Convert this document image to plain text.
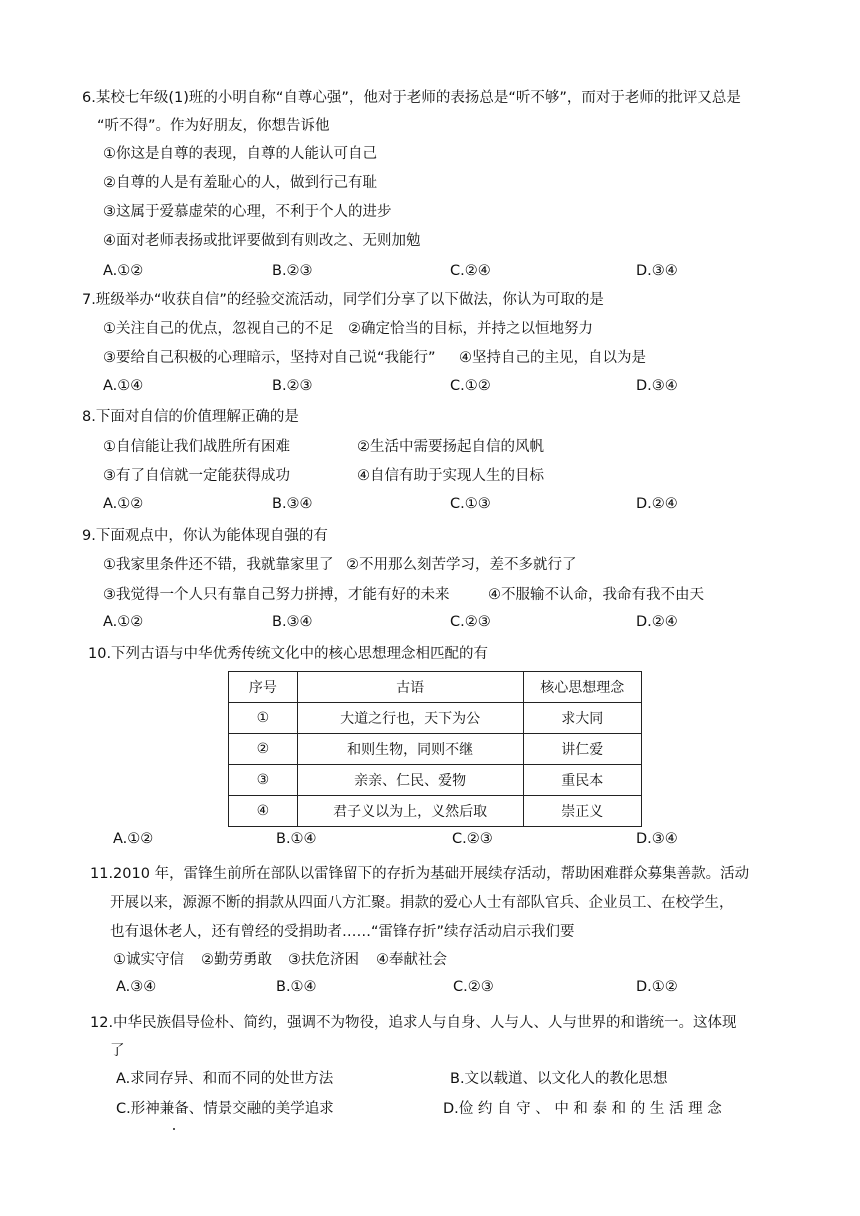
6.某校七年级(1)班的小明自称“自尊心强”，他对于老师的表扬总是“听不够”，而对于老师的批评又总是
“听不得”。作为好朋友，你想告诉他
①你这是自尊的表现，自尊的人能认可自己
②自尊的人是有羞耻心的人，做到行己有耻
③这属于爱慕虚荣的心理，不利于个人的进步
④面对老师表扬或批评要做到有则改之、无则加勉
A.①②	B.②③	C.②④	D.③④
7.班级举办“收获自信”的经验交流活动，同学们分享了以下做法，你认为可取的是
①关注自己的优点，忽视自己的不足 ②确定恰当的目标，并持之以恒地努力
③要给自己积极的心理暗示，坚持对自己说“我能行” ④坚持自己的主见，自以为是
A.①④	B.②③	C.①②	D.③④
8.下面对自信的价值理解正确的是
①自信能让我们战胜所有困难	②生活中需要扬起自信的风帆
③有了自信就一定能获得成功	④自信有助于实现人生的目标
A.①②	B.③④	C.①③	D.②④
9.下面观点中，你认为能体现自强的有
①我家里条件还不错，我就靠家里了 ②不用那么刻苦学习，差不多就行了
③我觉得一个人只有靠自己努力拼搏，才能有好的未来	④不服输不认命，我命有我不由天
A.①②	B.③④	C.②③	D.②④
10.下列古语与中华优秀传统文化中的核心思想理念相匹配的有
序号	古语	核心思想理念
①	大道之行也，天下为公	求大同
②	和则生物，同则不继	讲仁爱
③	亲亲、仁民、爱物	重民本
④	君子义以为上，义然后取	崇正义
A.①②	B.①④	C.②③	D.③④
11.2010 年，雷锋生前所在部队以雷锋留下的存折为基础开展续存活动，帮助困难群众募集善款。活动
开展以来，源源不断的捐款从四面八方汇聚。捐款的爱心人士有部队官兵、企业员工、在校学生，
也有退休老人，还有曾经的受捐助者……“雷锋存折”续存活动启示我们要
①诚实守信 ②勤劳勇敢 ③扶危济困 ④奉献社会
A.③④	B.①④	C.②③	D.①②
12.中华民族倡导俭朴、简约，强调不为物役，追求人与自身、人与人、人与世界的和谐统一。这体现
了
A.求同存异、和而不同的处世方法	B.文以载道、以文化人的教化思想
C.形神兼备、情景交融的美学追求	D.俭 约 自 守 、 中 和 泰 和 的 生 活 理 念
